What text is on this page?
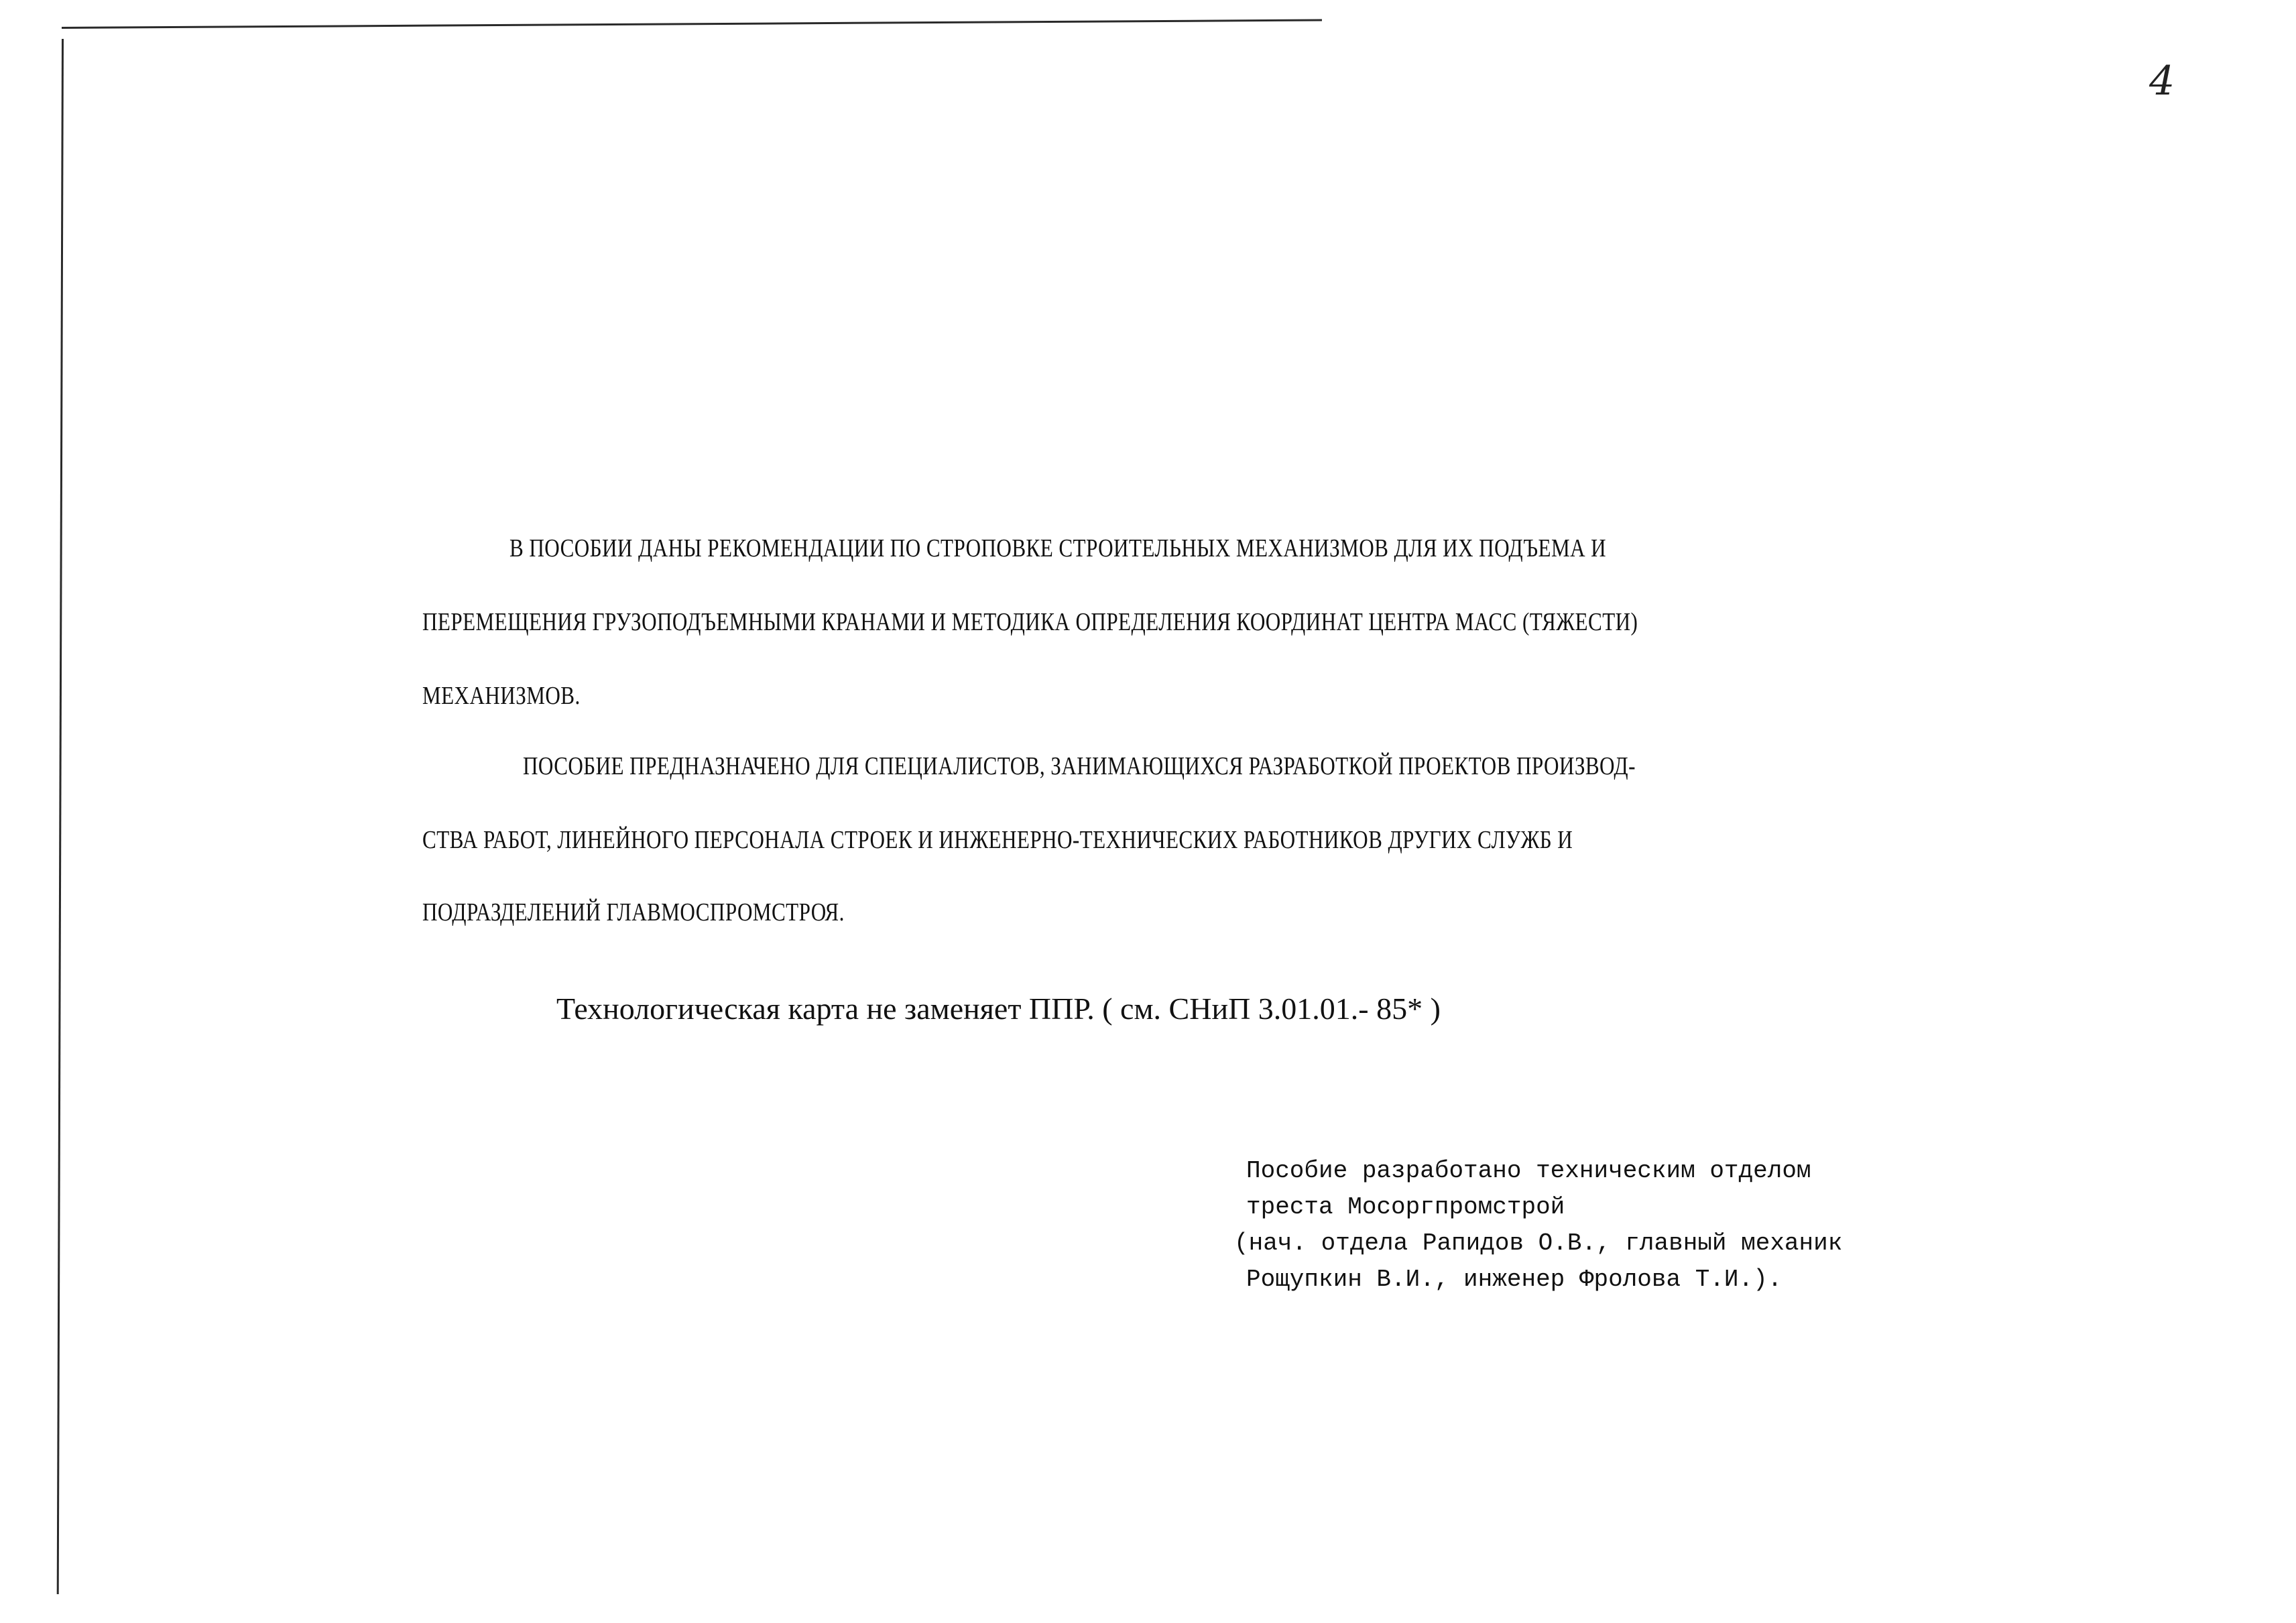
4
В ПОСОБИИ ДАНЫ РЕКОМЕНДАЦИИ ПО СТРОПОВКЕ СТРОИТЕЛЬНЫХ МЕХАНИЗМОВ ДЛЯ ИХ ПОДЪЕМА И
ПЕРЕМЕЩЕНИЯ ГРУЗОПОДЪЕМНЫМИ КРАНАМИ И МЕТОДИКА ОПРЕДЕЛЕНИЯ КООРДИНАТ ЦЕНТРА МАСС (ТЯЖЕСТИ)
МЕХАНИЗМОВ.
ПОСОБИЕ ПРЕДНАЗНАЧЕНО ДЛЯ СПЕЦИАЛИСТОВ, ЗАНИМАЮЩИХСЯ РАЗРАБОТКОЙ ПРОЕКТОВ ПРОИЗВОД-
СТВА РАБОТ, ЛИНЕЙНОГО ПЕРСОНАЛА СТРОЕК И ИНЖЕНЕРНО-ТЕХНИЧЕСКИХ РАБОТНИКОВ ДРУГИХ СЛУЖБ И
ПОДРАЗДЕЛЕНИЙ ГЛАВМОСПРОМСТРОЯ.
Технологическая карта не заменяет ППР. ( см. СНиП 3.01.01.- 85* )
Пособие разработано техническим отделом
треста Мосоргпромстрой
(нач. отдела Рапидов О.В., главный механик
Рощупкин В.И., инженер Фролова Т.И.).
